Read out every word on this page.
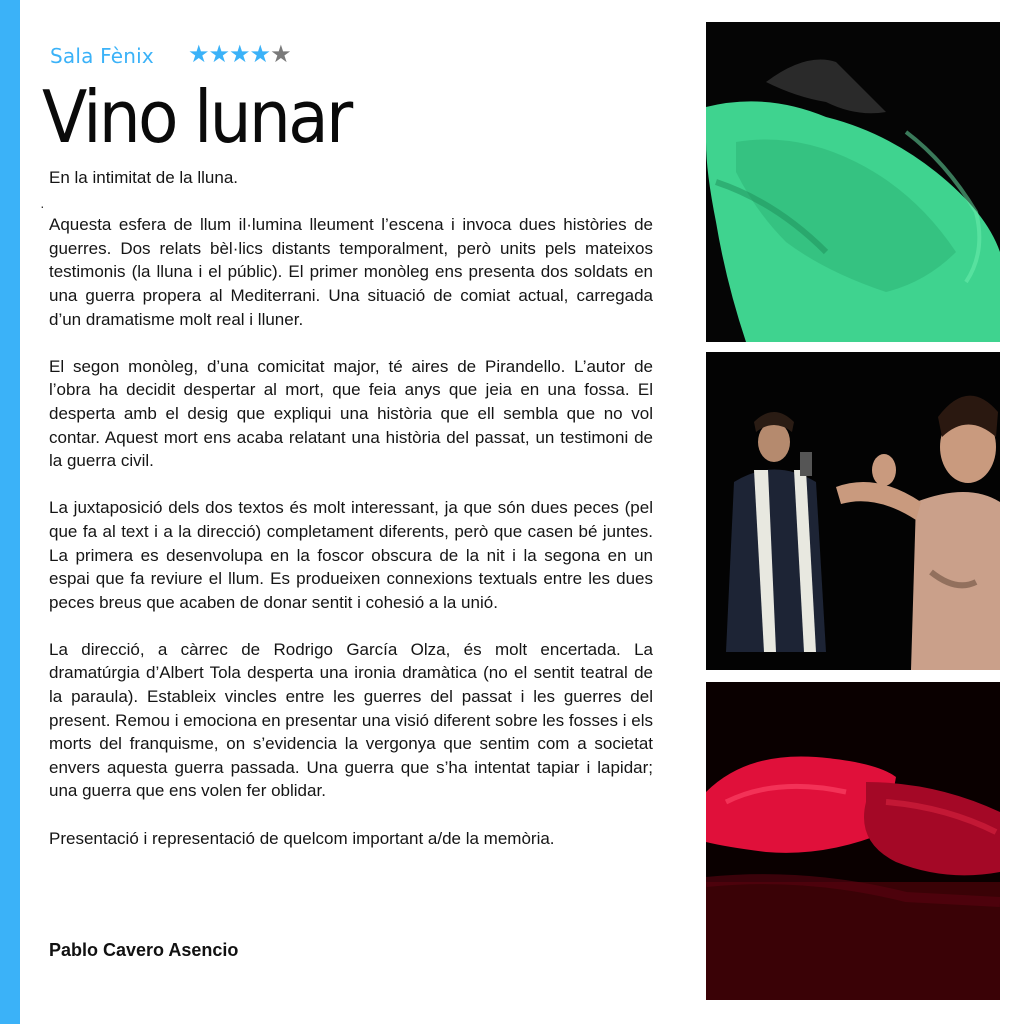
Sala Fènix ★★★★★
Vino lunar
·

En la intimitat de la lluna.

Aquesta esfera de llum il·lumina lleument l’escena i invoca dues històries de guerres. Dos relats bèl·lics distants temporalment, però units pels mateixos testimonis (la lluna i el públic). El primer monòleg ens presenta dos soldats en una guerra propera al Mediterrani. Una situació de comiat actual, carregada d’un dramatisme molt real i lluner.

El segon monòleg, d’una comicitat major, té aires de Pirandello. L’autor de l’obra ha decidit despertar al mort, que feia anys que jeia en una fossa. El desperta amb el desig que expliqui una història que ell sembla que no vol contar. Aquest mort ens acaba relatant una història del passat, un testimoni de la guerra civil.

La juxtaposició dels dos textos és molt interessant, ja que són dues peces (pel que fa al text i a la direcció) completament diferents, però que casen bé juntes. La primera es desenvolupa en la foscor obscura de la nit i la segona en un espai que fa reviure el llum. Es produeixen connexions textuals entre les dues peces breus que acaben de donar sentit i cohesió a la unió.

La direcció, a càrrec de Rodrigo García Olza, és molt encertada. La dramatúrgia d’Albert Tola desperta una ironia dramàtica (no el sentit teatral de la paraula). Estableix vincles entre les guerres del passat i les guerres del present. Remou i emociona en presentar una visió diferent sobre les fosses i els morts del franquisme, on s’evidencia la vergonya que sentim com a societat envers aquesta guerra passada. Una guerra que s’ha intentat tapiar i lapidar; una guerra que ens volen fer oblidar.

Presentació i representació de quelcom important a/de la memòria.

Pablo Cavero Asencio
